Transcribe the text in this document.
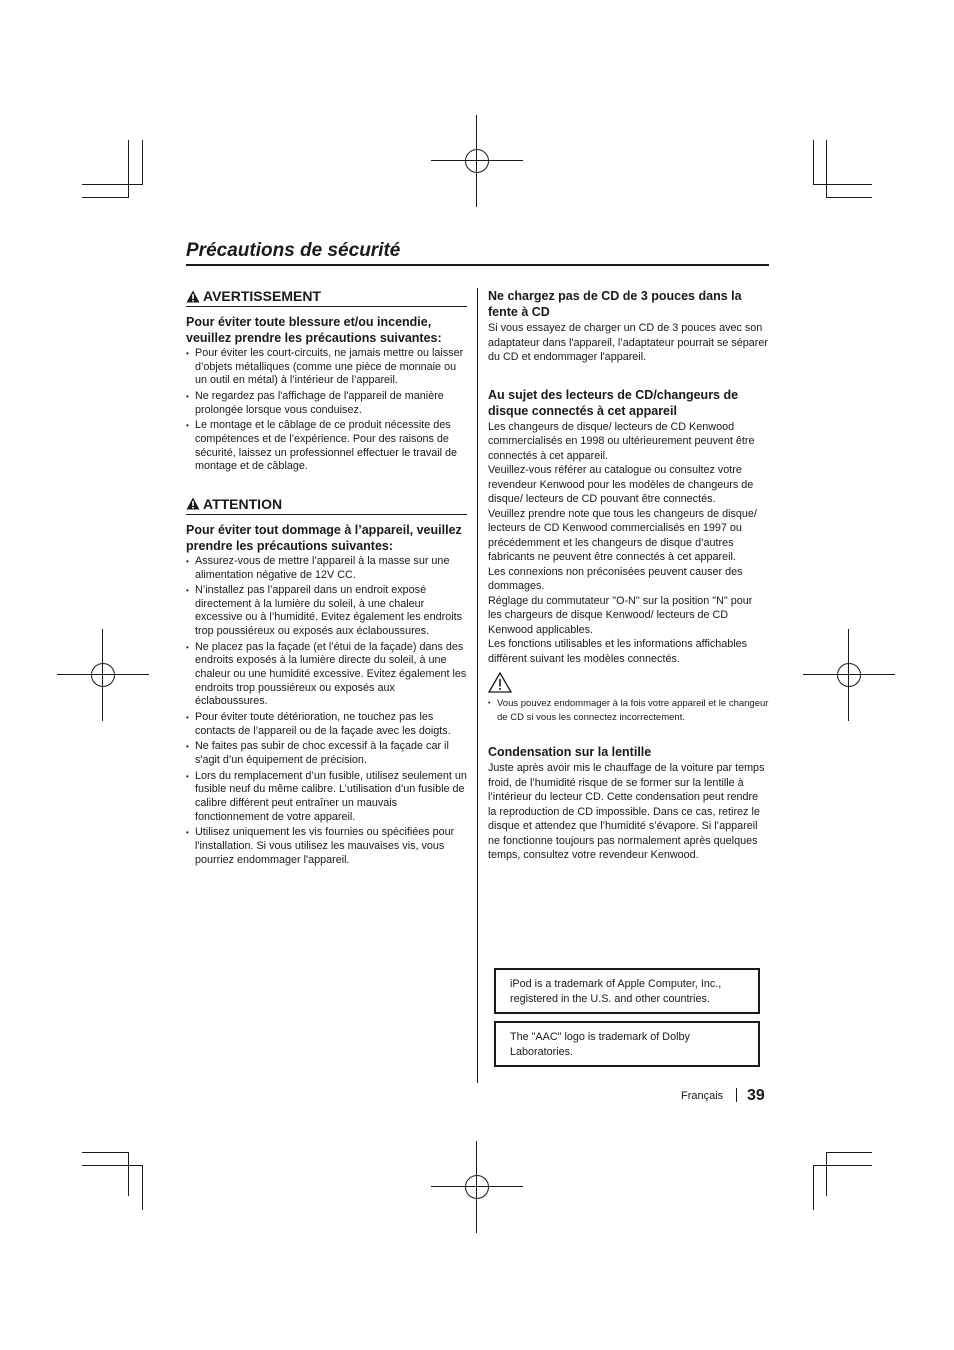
Précautions de sécurité
AVERTISSEMENT

Pour éviter toute blessure et/ou incendie, veuillez prendre les précautions suivantes:

• Pour éviter les court-circuits, ne jamais mettre ou laisser d’objets métalliques (comme une pièce de monnaie ou un outil en métal) à l’intérieur de l’appareil.
• Ne regardez pas l'affichage de l'appareil de manière prolongée lorsque vous conduisez.
• Le montage et le câblage de ce produit nécessite des compétences et de l’expérience. Pour des raisons de sécurité, laissez un professionnel effectuer le travail de montage et de câblage.
ATTENTION

Pour éviter tout dommage à l’appareil, veuillez prendre les précautions suivantes:

• Assurez-vous de mettre l’appareil à la masse sur une alimentation négative de 12V CC.
• N’installez pas l’appareil dans un endroit exposé directement à la lumière du soleil, à une chaleur excessive ou à l’humidité. Evitez également les endroits trop poussiéreux ou exposés aux éclaboussures.
• Ne placez pas la façade (et l’étui de la façade) dans des endroits exposés à la lumière directe du soleil, à une chaleur ou une humidité excessive. Evitez également les endroits trop poussiéreux ou exposés aux éclaboussures.
• Pour éviter toute détérioration, ne touchez pas les contacts de l’appareil ou de la façade avec les doigts.
• Ne faites pas subir de choc excessif à la façade car il s'agit d’un équipement de précision.
• Lors du remplacement d’un fusible, utilisez seulement un fusible neuf du même calibre. L’utilisation d’un fusible de calibre différent peut entraîner un mauvais fonctionnement de votre appareil.
• Utilisez uniquement les vis fournies ou spécifiées pour l'installation. Si vous utilisez les mauvaises vis, vous pourriez endommager l'appareil.

Ne chargez pas de CD de 3 pouces dans la fente à CD

Si vous essayez de charger un CD de 3 pouces avec son adaptateur dans l'appareil, l’adaptateur pourrait se séparer du CD et endommager l'appareil.

Au sujet des lecteurs de CD/changeurs de disque connectés à cet appareil

Les changeurs de disque/ lecteurs de CD Kenwood commercialisés en 1998 ou ultérieurement peuvent être connectés à cet appareil.

Veuillez-vous référer au catalogue ou consultez votre revendeur Kenwood pour les modèles de changeurs de disque/ lecteurs de CD pouvant être connectés.

Veuillez prendre note que tous les changeurs de disque/ lecteurs de CD Kenwood commercialisés en 1997 ou précédemment et les changeurs de disque d’autres fabricants ne peuvent être connectés à cet appareil.

Les connexions non préconisées peuvent causer des dommages.

Réglage du commutateur "O-N" sur la position "N" pour les chargeurs de disque Kenwood/ lecteurs de CD Kenwood applicables.

Les fonctions utilisables et les informations affichables diffèrent suivant les modèles connectés.

• Vous pouvez endommager à la fois votre appareil et le changeur de CD si vous les connectez incorrectement.

Condensation sur la lentille

Juste après avoir mis le chauffage de la voiture par temps froid, de l’humidité risque de se former sur la lentille à l’intérieur du lecteur CD. Cette condensation peut rendre la reproduction de CD impossible. Dans ce cas, retirez le disque et attendez que l’humidité s’évapore. Si l’appareil ne fonctionne toujours pas normalement après quelques temps, consultez votre revendeur Kenwood.

iPod is a trademark of Apple Computer, Inc., registered in the U.S. and other countries.
The "AAC" logo is trademark of Dolby Laboratories.
Français 39
